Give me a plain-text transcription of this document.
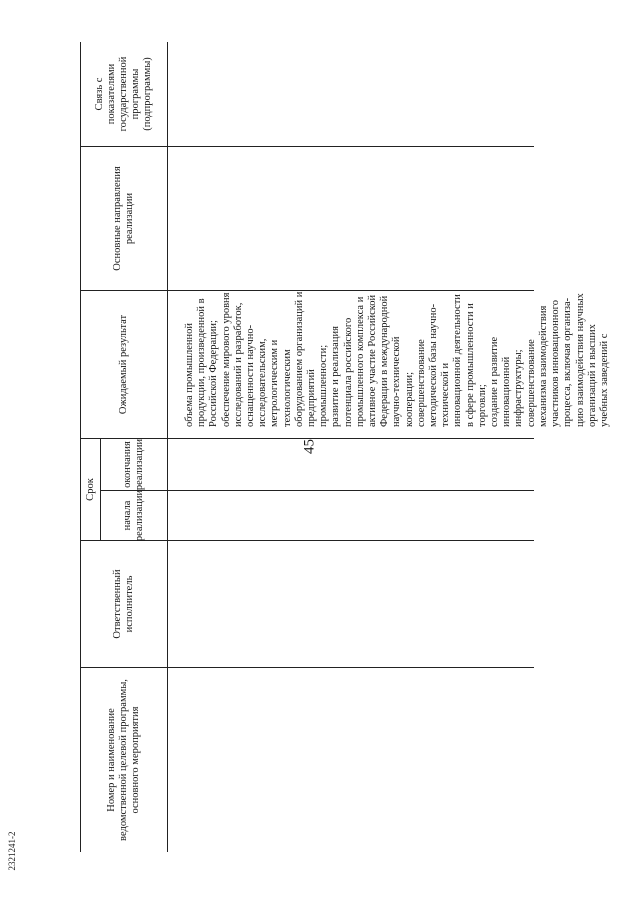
45
2321241-2
Номер и наименование ведомственной целевой программы, основного мероприятия
Ответственный исполнитель
Срок
начала реализации
окончания реализации
Ожидаемый результат
Основные направления реализации
Связь с показателями государственной программы (подпрограммы)
объема промышленной продукции, произведенной в Российской Федерации; обеспечение мирового уровня исследований и разработок, оснащенности научно- исследовательским, метрологическим и технологическим оборудованием организаций и предприятий промышленности; развитие и реализация потенциала российского промышленного комплекса и активное участие Российской Федерации в международной научно-технической кооперации; совершенствование методической базы научно- технической и инновационной деятельности в сфере промышленности и торговли; создание и развитие инновационной инфраструктуры; совершенствование механизма взаимодействия участников инновационного процесса, включая организа- цию взаимодействия научных организаций и высших учебных заведений с
